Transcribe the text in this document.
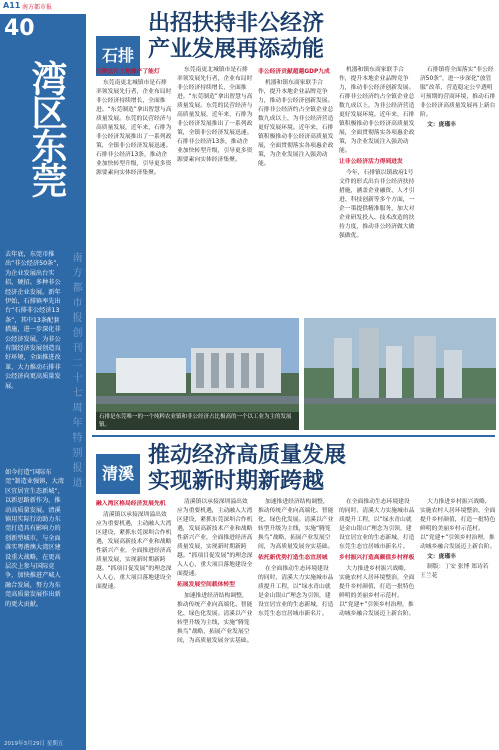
A11 南方都市报
40
湾区东莞
南方都市报创刊二十七周年特别报道
去年底，东莞市推出“非公经济50条”，为企业发展出台实招，硬招。多种非公经济企业发展。新年伊始，石排镇率先出台“石排非公经济13条”，其中13条配套措施，进一步深化非公经济发展，为非公有制经济发展创造良好环境，全面推进改革，大力推动石排非公经济向更高质量发展。
如今打造“国际东莞”制造业强镇，大湾区宜居宜生态新城”，以新思路新作为，推动高质量发展。清溪镇用实际行动助力东莞打造具有影响力的创新型城市，与全面落实粤港澳大湾区建设重大战略，在更高层次上参与国际竞争，加快推进产城人融合发展，努力为东莞高质量发展作出新的更大贡献。
2019年3月29日 星期五
石排
出招扶持非公经济
产业发展再添动能
石排这片土地爆产了能灯

东莞南更北城镇市是石排率领发展先行者，企业布局时非公经济持续增长，全面推进。“东莞制造”拿出智慧与高质量发展。东莞的民营经济与高质量发展，近年来，石排为非公经济发展推出了一系列政策，全镇非公经济发展迅速。石排非公经济13条，推动企业加快转型升级，引导更多资源要素向实体经济集聚。

东莞南更北城镇市是石排率领发展先行者，企业布局时非公经济持续增长，全面推进。“东莞制造”拿出智慧与高质量发展。东莞的民营经济与高质量发展，近年来，石排为非公经济发展推出了一系列政策，全镇非公经济发展迅速。石排非公经济13条，推动企业加快转型升级，引导更多资源要素向实体经济集聚。

非公经济贡献超越GDP九成

机器和镇东商家联手合作，提升本地企业品牌竞争力，推动非公经济创新发展。石排非公经济约占全镇企业总数九成以上，为非公经济营造更好发展环境。近年来，石排镇积极推动非公经济高质量发展，全面贯彻落实各项惠企政策，为企业发展注入强劲动能。

机器和镇东商家联手合作，提升本地企业品牌竞争力，推动非公经济创新发展。石排非公经济约占全镇企业总数九成以上，为非公经济营造更好发展环境。近年来，石排镇积极推动非公经济高质量发展，全面贯彻落实各项惠企政策，为企业发展注入强劲动能。

让非公经济活力得到进发

今年，石排镇以镇政府1号文件的形式出台非公经济扶持措施，涵盖企业融资、人才引进、科技创新等多个方面，一企一策提供精准服务，加大对企业研发投入、技术改造的扶持力度，推动非公经济做大做强做优。

石排镇将全面落实“非公经济50条”，进一步深化“放管服”改革，营造稳定公平透明可预期的营商环境，推动石排非公经济高质量发展再上新台阶。

文：庞瑾丰

石排是东莞唯一的一个纯粹农业镇和非公经济占比极高的一个以工业为主的发展镇。
清溪
推动经济高质量发展
实现新时期新跨越
融入湾区格局经济发展先机

清溪镇以承接深圳溢出效应为重要机遇，主动融入大湾区建设，紧抓东莞深圳合作机遇，发展高新技术产业和战略性新兴产业，全面推进经济高质量发展，实现新时期新跨越。“抓项目促发展”的理念深入人心，重大项目落地建设全面提速。

清溪镇以承接深圳溢出效应为重要机遇，主动融入大湾区建设，紧抓东莞深圳合作机遇，发展高新技术产业和战略性新兴产业，全面推进经济高质量发展，实现新时期新跨越。“抓项目促发展”的理念深入人心，重大项目落地建设全面提速。

拓展发展空间载体转型

加速推进经济结构调整，推动传统产业向高端化、智能化、绿色化发展。清溪以产业转型升级为主线，实施“腾笼换鸟”战略，拓展产业发展空间，为高质量发展夯实基础。

加速推进经济结构调整，推动传统产业向高端化、智能化、绿色化发展。清溪以产业转型升级为主线，实施“腾笼换鸟”战略，拓展产业发展空间，为高质量发展夯实基础。

依托新优势打造生态宜居城

在全面推动生态环境建设的同时，清溪大力实施城市品质提升工程，以“绿水青山就是金山银山”理念为引领，建设宜居宜业的生态新城，打造东莞生态宜居城市新名片。

在全面推动生态环境建设的同时，清溪大力实施城市品质提升工程，以“绿水青山就是金山银山”理念为引领，建设宜居宜业的生态新城，打造东莞生态宜居城市新名片。

乡村振兴打造高颜值乡村样板

大力推进乡村振兴战略，实施农村人居环境整治，全面提升乡村颜值，打造一批特色鲜明的美丽乡村示范村。以“党建+”引领乡村治理，推动城乡融合发展迈上新台阶。

大力推进乡村振兴战略，实施农村人居环境整治，全面提升乡村颜值，打造一批特色鲜明的美丽乡村示范村。以“党建+”引领乡村治理，推动城乡融合发展迈上新台阶。

文：庞瑾丰

制版：丁安 张博 郑诗若 王兰花
